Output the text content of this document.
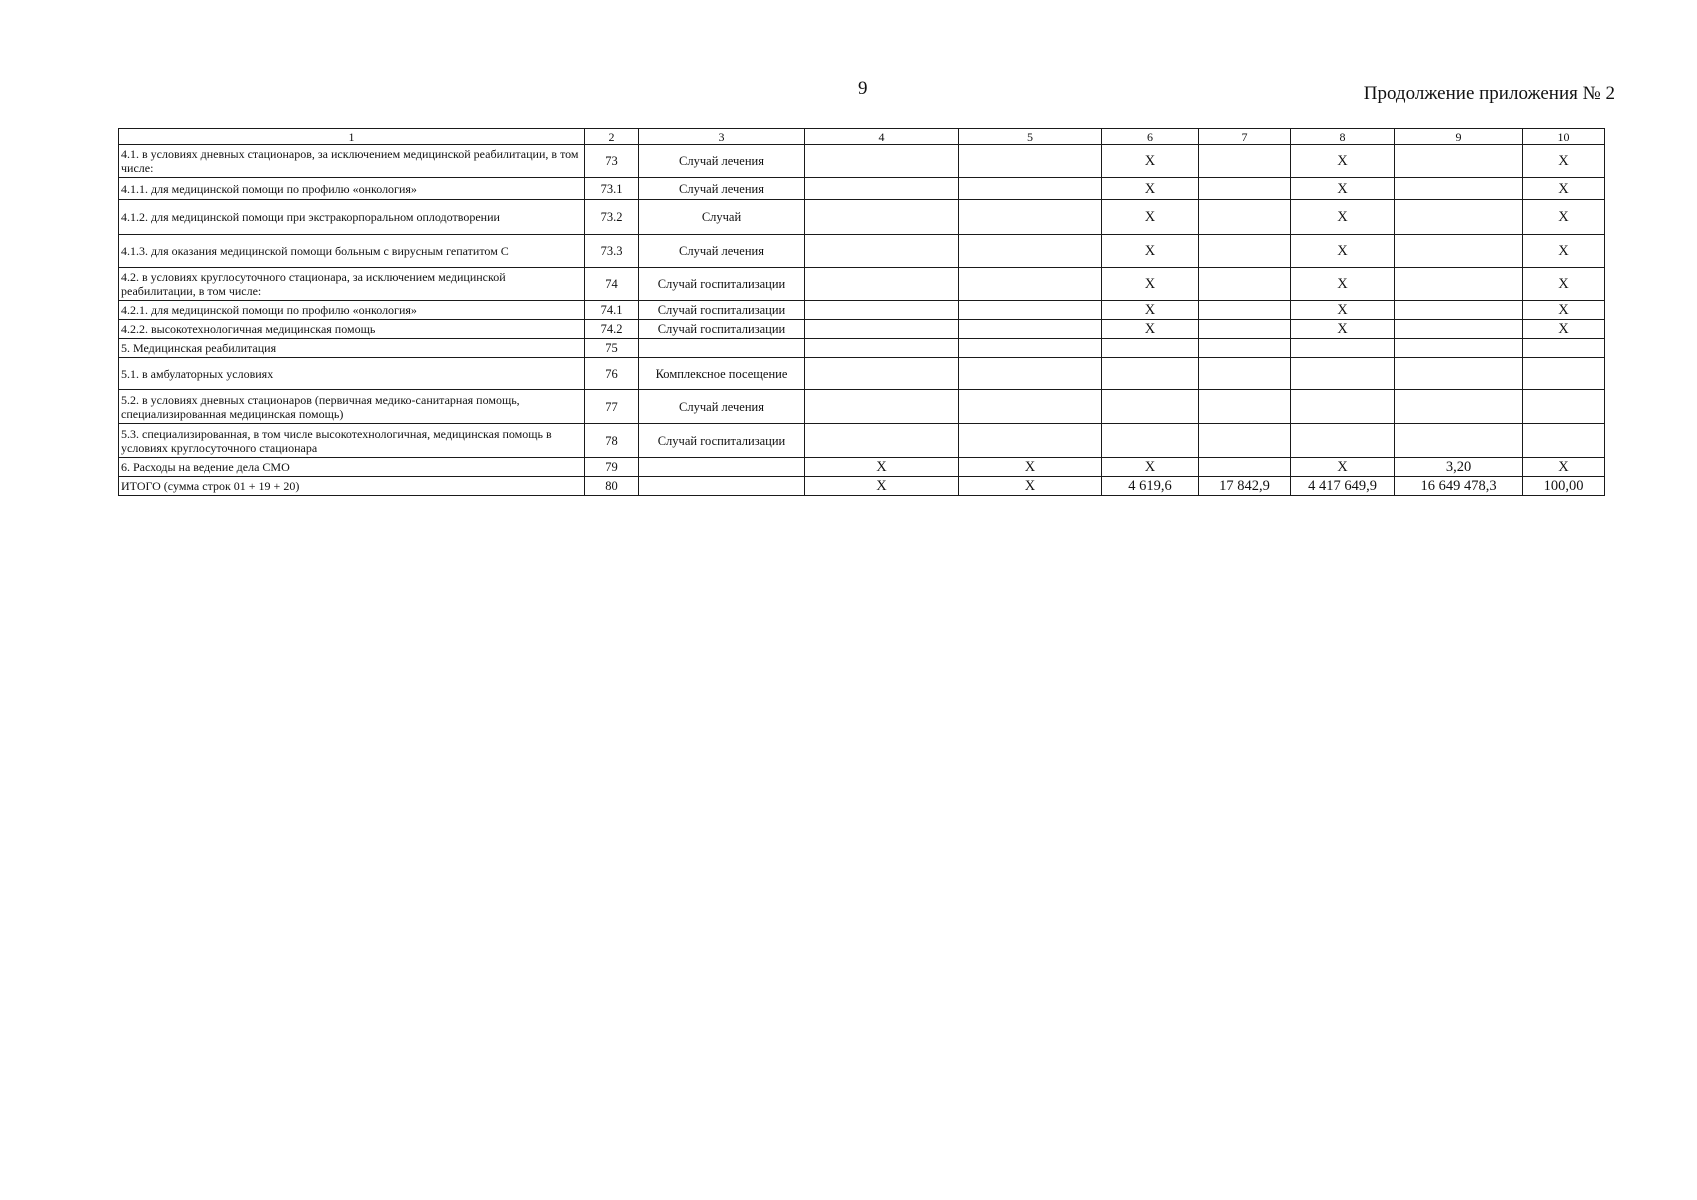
9	Продолжение приложения № 2
1	2	3	4	5	6	7	8	9	10
4.1. в условиях дневных стационаров, за исключением медицинской реабилитации, в том числе:	73	Случай лечения			X		X		X
4.1.1. для медицинской помощи по профилю «онкология»	73.1	Случай лечения			X		X		X
4.1.2. для медицинской помощи при экстракорпоральном оплодотворении	73.2	Случай			X		X		X
4.1.3. для оказания медицинской помощи больным с вирусным гепатитом С	73.3	Случай лечения			X		X		X
4.2. в условиях круглосуточного стационара, за исключением медицинской реабилитации, в том числе:	74	Случай госпитализации			X		X		X
4.2.1. для медицинской помощи по профилю «онкология»	74.1	Случай госпитализации			X		X		X
4.2.2. высокотехнологичная медицинская помощь	74.2	Случай госпитализации			X		X		X
5. Медицинская реабилитация	75								
5.1. в амбулаторных условиях	76	Комплексное посещение							
5.2. в условиях дневных стационаров (первичная медико-санитарная помощь, специализированная медицинская помощь)	77	Случай лечения							
5.3. специализированная, в том числе высокотехнологичная, медицинская помощь в условиях круглосуточного стационара	78	Случай госпитализации							
6. Расходы на ведение дела СМО	79		X	X	X		X	3,20	X
ИТОГО (сумма строк 01 + 19 + 20)	80		X	X	4 619,6	17 842,9	4 417 649,9	16 649 478,3	100,00
